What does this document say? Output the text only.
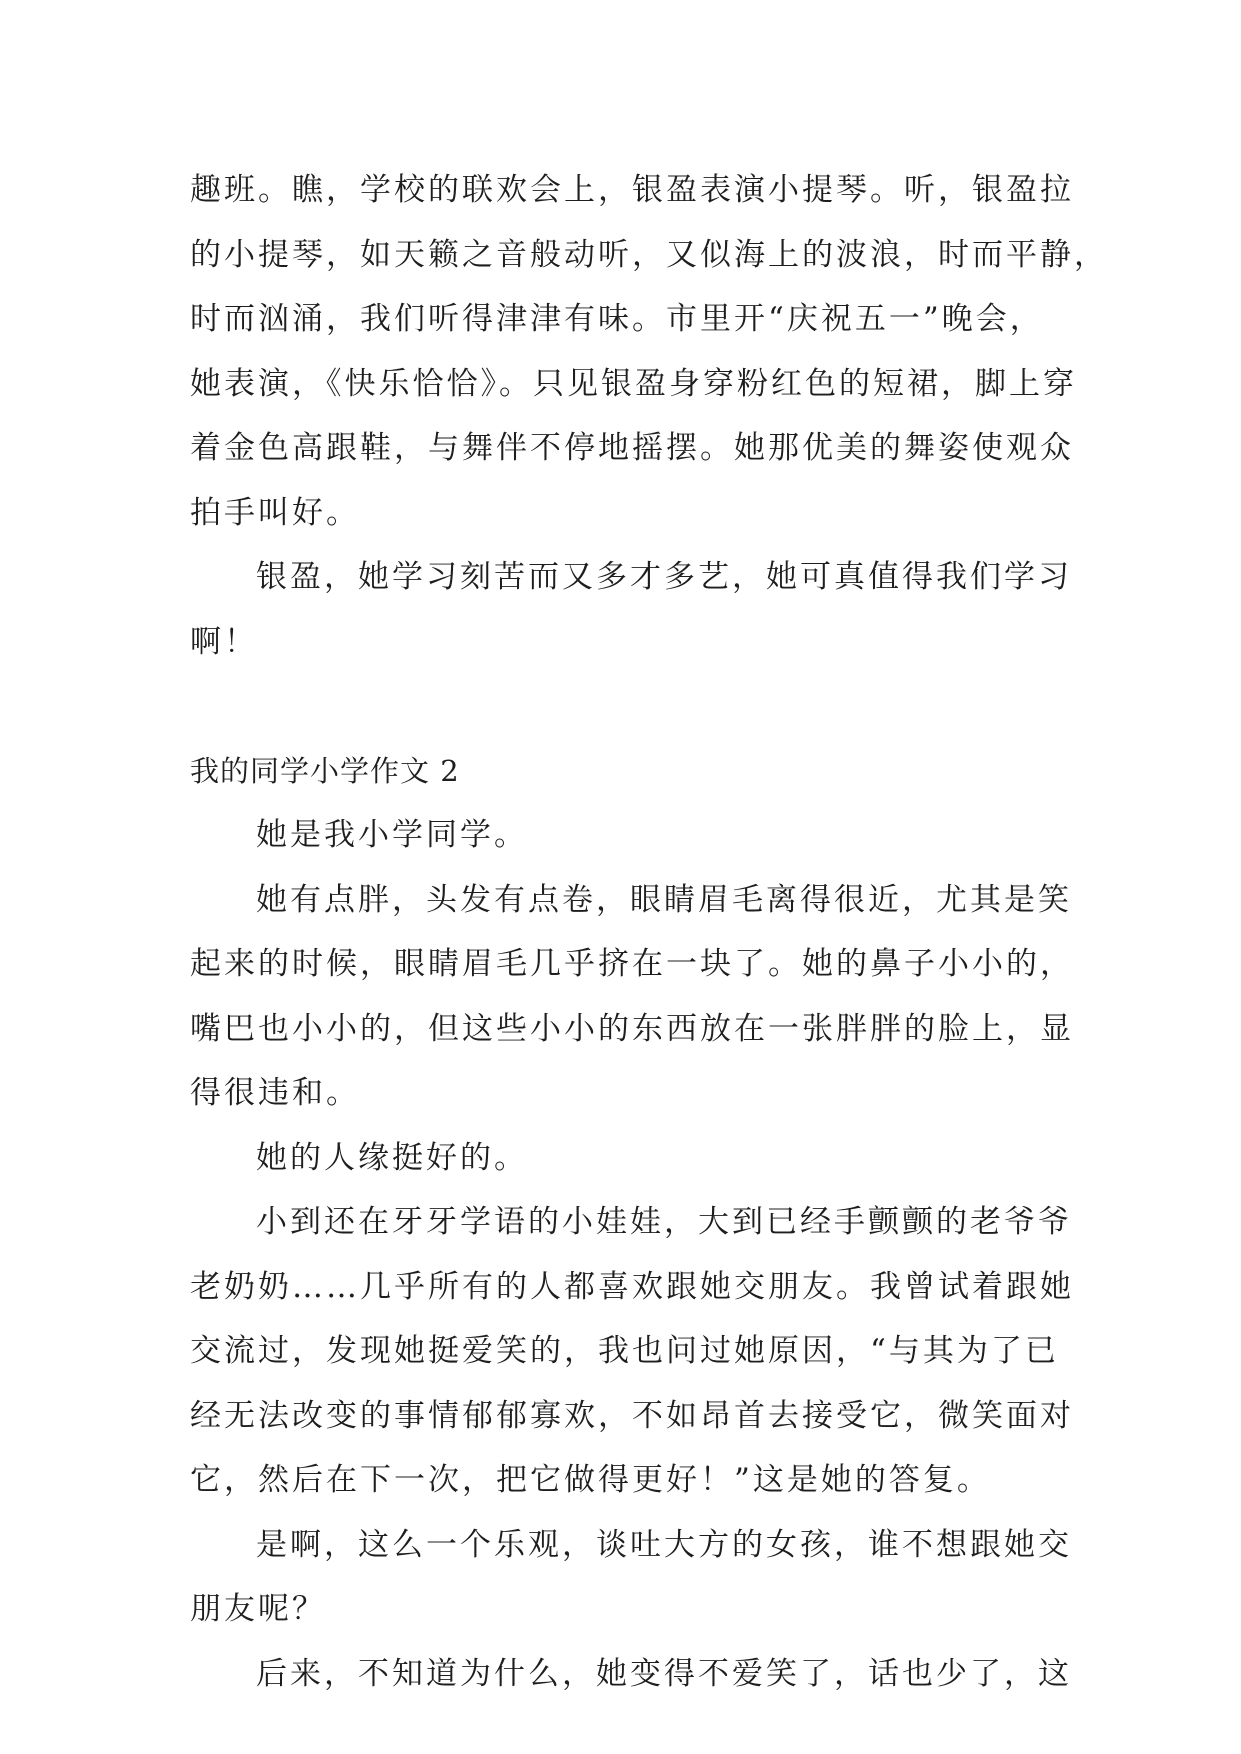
趣班。瞧，学校的联欢会上，银盈表演小提琴。听，银盈拉
的小提琴，如天籁之音般动听，又似海上的波浪，时而平静，
时而汹涌，我们听得津津有味。市里开“庆祝五一”晚会，
她表演，《快乐恰恰》。只见银盈身穿粉红色的短裙，脚上穿
着金色高跟鞋，与舞伴不停地摇摆。她那优美的舞姿使观众
拍手叫好。
银盈，她学习刻苦而又多才多艺，她可真值得我们学习
啊！
我的同学小学作文 2
她是我小学同学。
她有点胖，头发有点卷，眼睛眉毛离得很近，尤其是笑
起来的时候，眼睛眉毛几乎挤在一块了。她的鼻子小小的，
嘴巴也小小的，但这些小小的东西放在一张胖胖的脸上，显
得很违和。
她的人缘挺好的。
小到还在牙牙学语的小娃娃，大到已经手颤颤的老爷爷
老奶奶……几乎所有的人都喜欢跟她交朋友。我曾试着跟她
交流过，发现她挺爱笑的，我也问过她原因，“与其为了已
经无法改变的事情郁郁寡欢，不如昂首去接受它，微笑面对
它，然后在下一次，把它做得更好！”这是她的答复。
是啊，这么一个乐观，谈吐大方的女孩，谁不想跟她交
朋友呢？
后来，不知道为什么，她变得不爱笑了，话也少了，这
